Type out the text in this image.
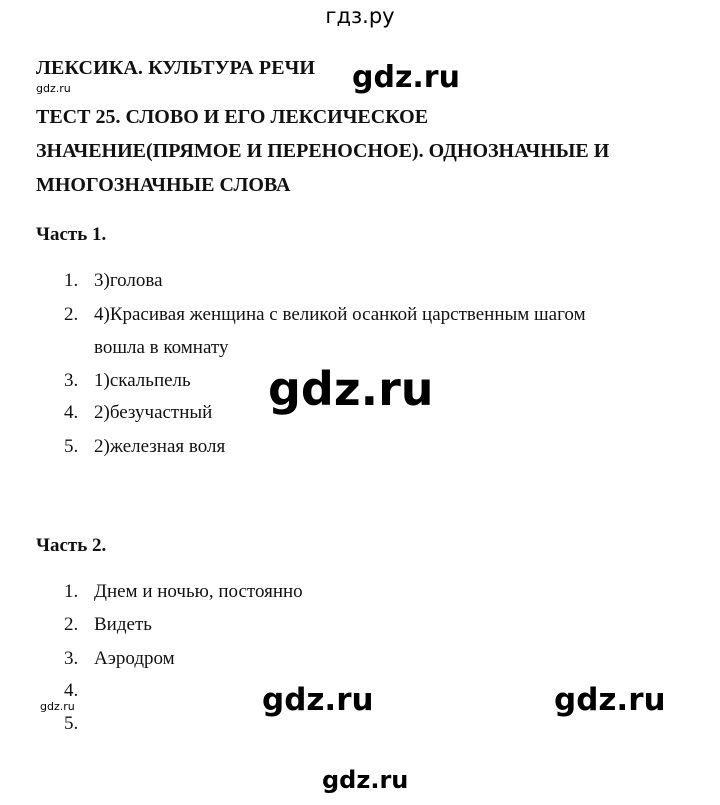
гдз.ру
ЛЕКСИКА. КУЛЬТУРА РЕЧИ
ТЕСТ 25. СЛОВО И ЕГО ЛЕКСИЧЕСКОЕ
ЗНАЧЕНИЕ(ПРЯМОЕ И ПЕРЕНОСНОЕ). ОДНОЗНАЧНЫЕ И
МНОГОЗНАЧНЫЕ СЛОВА
Часть 1.
1. 3)голова
2. 4)Красивая женщина с великой осанкой царственным шагом
вошла в комнату
3. 1)скальпель
4. 2)безучастный
5. 2)железная воля
Часть 2.
1. Днем и ночью, постоянно
2. Видеть
3. Аэродром
4.
5.
gdz.ru	gdz.ru
gdz.ru
gdz.ru	gdz.ru	gdz.ru
gdz.ru
